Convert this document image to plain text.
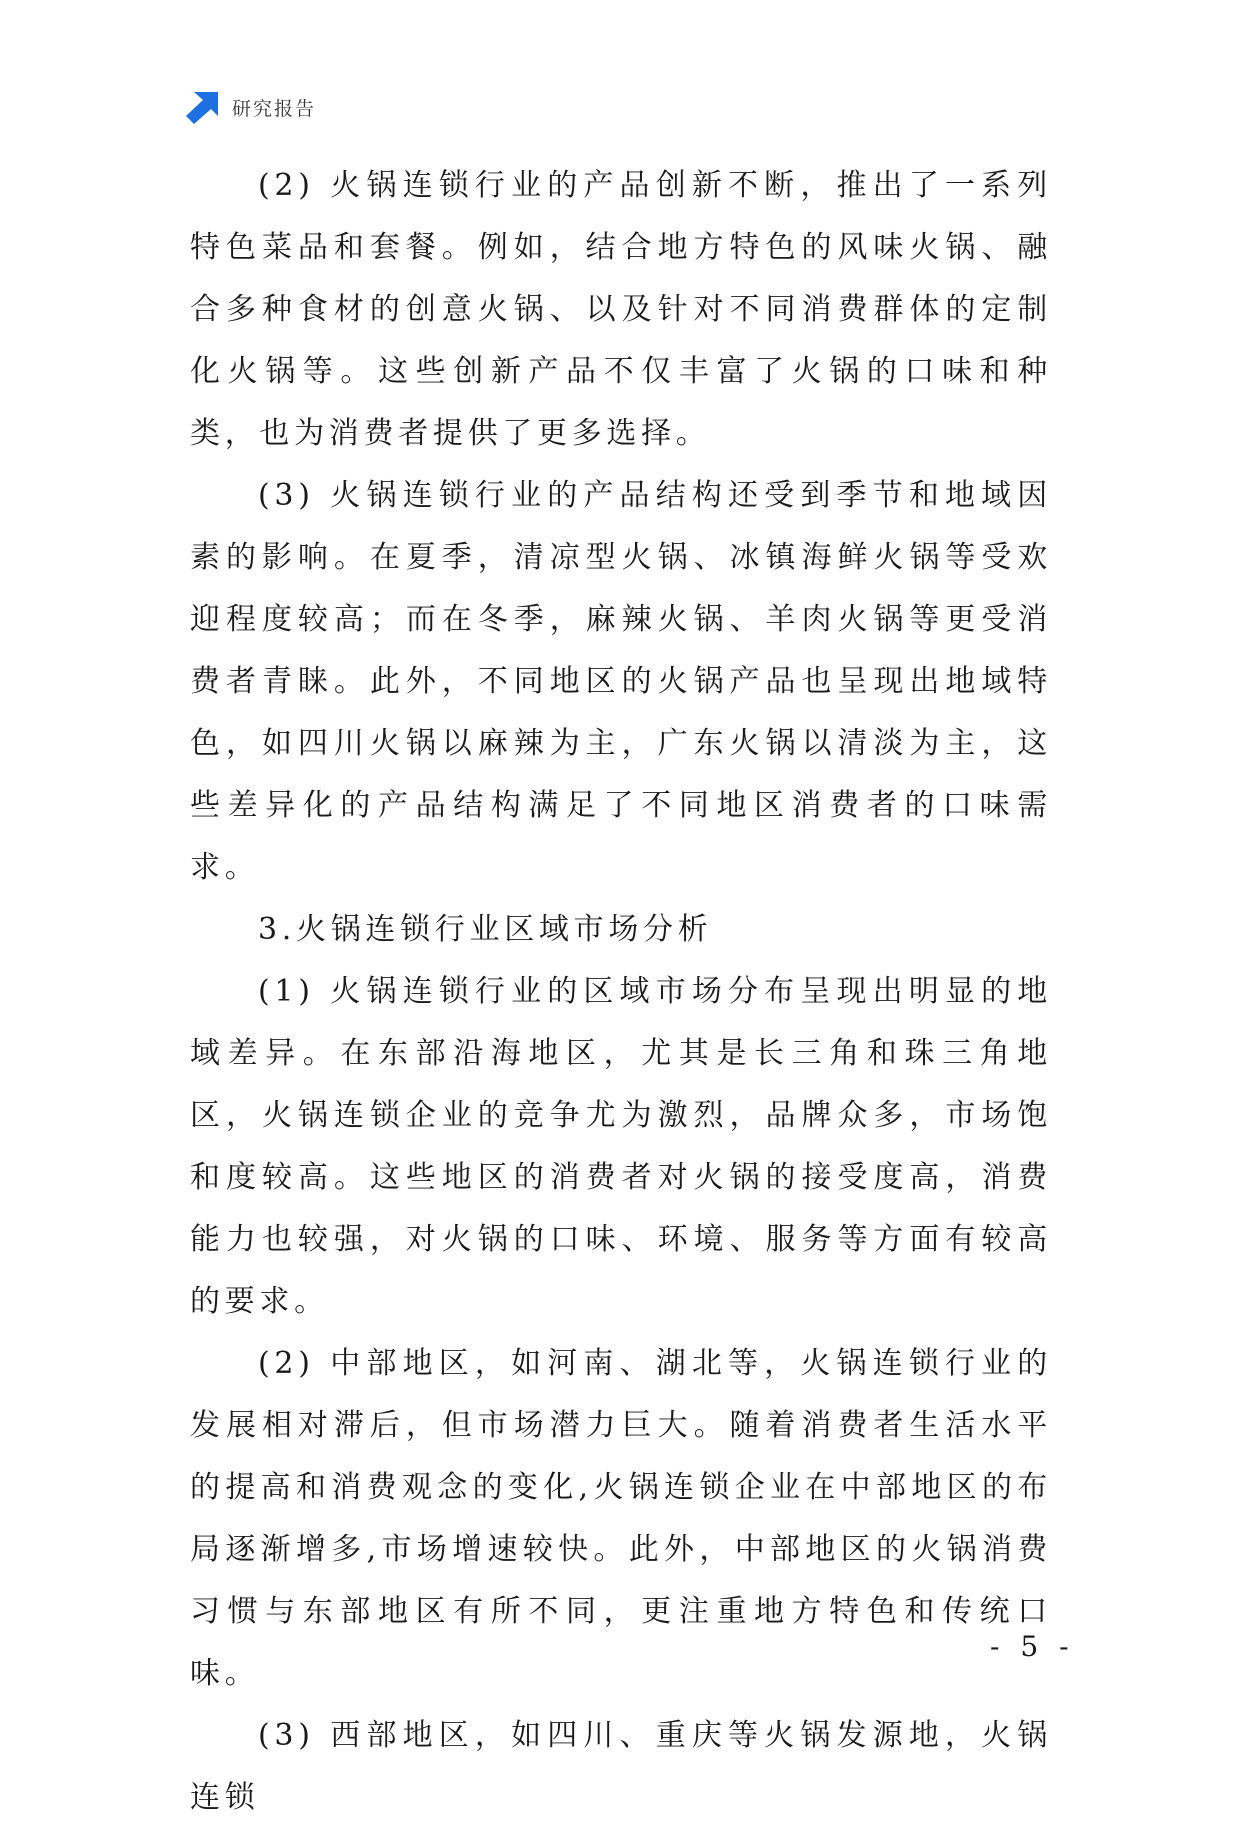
研究报告

(2) 火锅连锁行业的产品创新不断，推出了一系列特色菜品和套餐。例如，结合地方特色的风味火锅、融合多种食材的创意火锅、以及针对不同消费群体的定制化火锅等。这些创新产品不仅丰富了火锅的口味和种类，也为消费者提供了更多选择。

(3) 火锅连锁行业的产品结构还受到季节和地域因素的影响。在夏季，清凉型火锅、冰镇海鲜火锅等受欢迎程度较高；而在冬季，麻辣火锅、羊肉火锅等更受消费者青睐。此外，不同地区的火锅产品也呈现出地域特色，如四川火锅以麻辣为主，广东火锅以清淡为主，这些差异化的产品结构满足了不同地区消费者的口味需求。

3.火锅连锁行业区域市场分析

(1) 火锅连锁行业的区域市场分布呈现出明显的地域差异。在东部沿海地区，尤其是长三角和珠三角地区，火锅连锁企业的竞争尤为激烈，品牌众多，市场饱和度较高。这些地区的消费者对火锅的接受度高，消费能力也较强，对火锅的口味、环境、服务等方面有较高的要求。

(2) 中部地区，如河南、湖北等，火锅连锁行业的发展相对滞后，但市场潜力巨大。随着消费者生活水平的提高和消费观念的变化,火锅连锁企业在中部地区的布局逐渐增多,市场增速较快。此外，中部地区的火锅消费习惯与东部地区有所不同，更注重地方特色和传统口味。

(3) 西部地区，如四川、重庆等火锅发源地，火锅连锁

- 5 -
